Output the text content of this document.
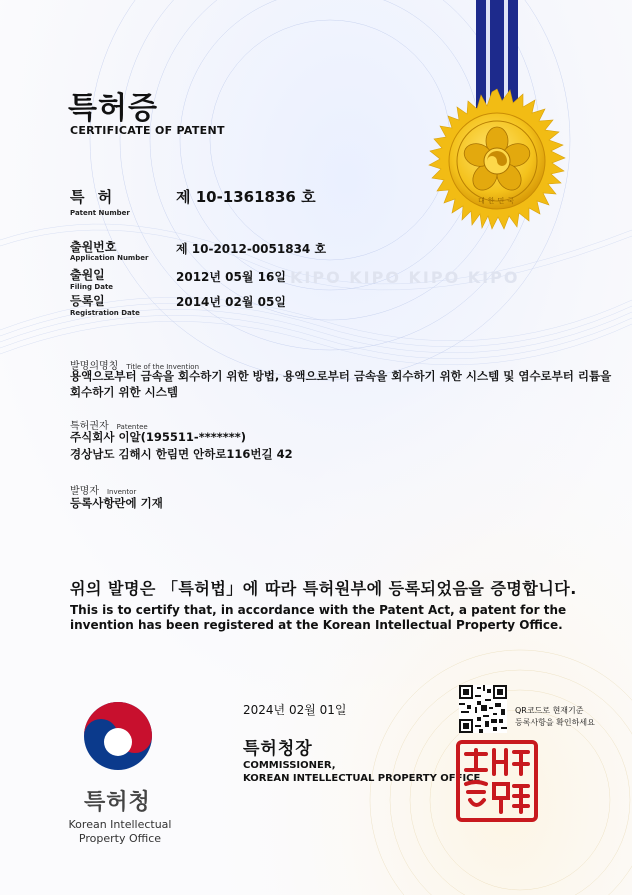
KIPO KIPO KIPO KIPO
대한민국
특허증
CERTIFICATE OF PATENT
특 허
Patent Number
제 10-1361836 호
출원번호
Application Number
제 10-2012-0051834 호
출원일
Filing Date
2012년 05월 16일
등록일
Registration Date
2014년 02월 05일
발명의명칭 Title of the Invention
용액으로부터 금속을 회수하기 위한 방법, 용액으로부터 금속을 회수하기 위한 시스템 및 염수로부터 리튬을
회수하기 위한 시스템
특허권자 Patentee
주식회사 이알(195511-*******)
경상남도 김해시 한림면 안하로116번길 42
발명자 Inventor
등록사항란에 기재
위의 발명은 「특허법」에 따라 특허원부에 등록되었음을 증명합니다.
This is to certify that, in accordance with the Patent Act, a patent for the invention has been registered at the Korean Intellectual Property Office.
2024년 02월 01일	QR코드로 현재기준
등록사항을 확인하세요
특허청장
COMMISSIONER,
KOREAN INTELLECTUAL PROPERTY OFFICE
특허청
Korean Intellectual
Property Office
